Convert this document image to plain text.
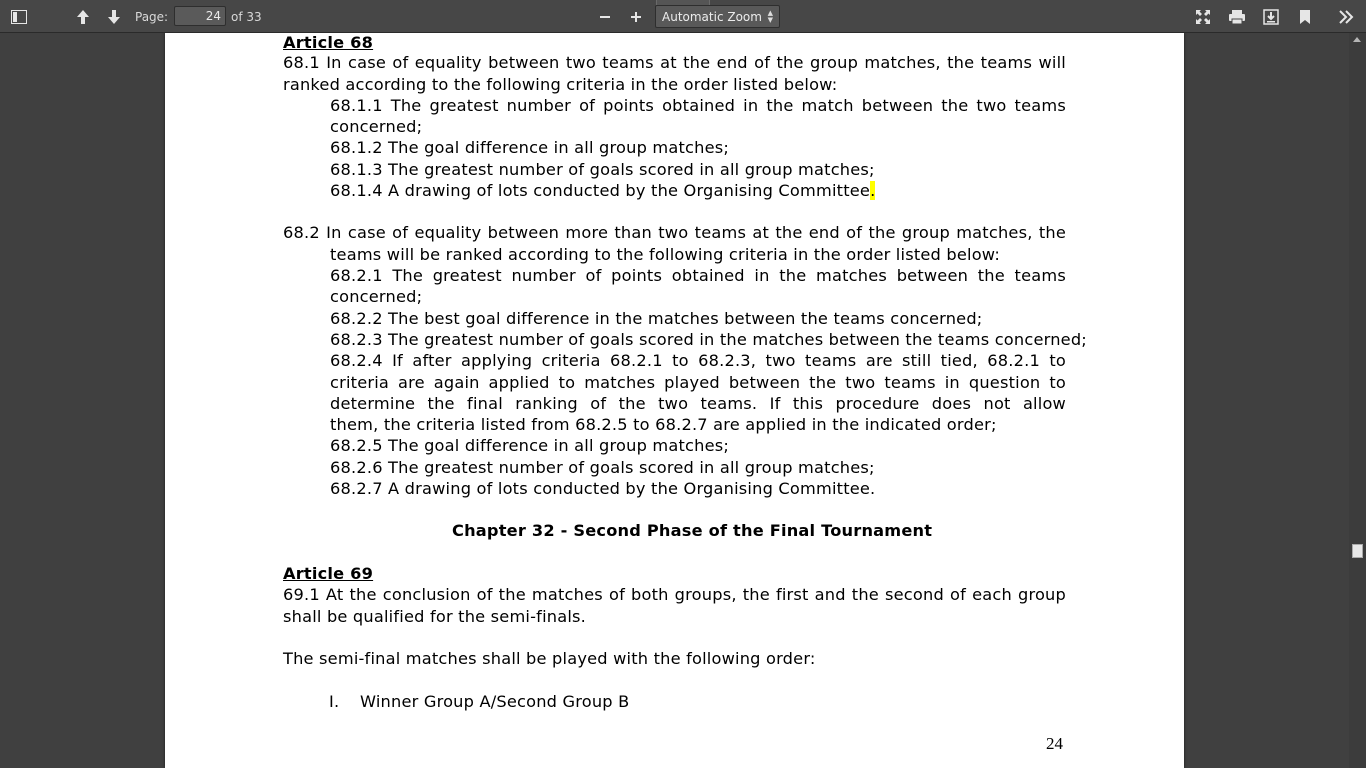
Page:
24	of 33	Automatic Zoom ▲
▼
Article 68
68.1 In case of equality between two teams at the end of the group matches, the teams will
ranked according to the following criteria in the order listed below:
68.1.1 The greatest number of points obtained in the match between the two teams
concerned;
68.1.2 The goal difference in all group matches;
68.1.3 The greatest number of goals scored in all group matches;
68.1.4 A drawing of lots conducted by the Organising Committee.
68.2 In case of equality between more than two teams at the end of the group matches, the
teams will be ranked according to the following criteria in the order listed below:
68.2.1 The greatest number of points obtained in the matches between the teams
concerned;
68.2.2 The best goal difference in the matches between the teams concerned;
68.2.3 The greatest number of goals scored in the matches between the teams concerned;
68.2.4 If after applying criteria 68.2.1 to 68.2.3, two teams are still tied, 68.2.1 to
criteria are again applied to matches played between the two teams in question to
determine the final ranking of the two teams. If this procedure does not allow
them, the criteria listed from 68.2.5 to 68.2.7 are applied in the indicated order;
68.2.5 The goal difference in all group matches;
68.2.6 The greatest number of goals scored in all group matches;
68.2.7 A drawing of lots conducted by the Organising Committee.
Chapter 32 - Second Phase of the Final Tournament
Article 69
69.1 At the conclusion of the matches of both groups, the first and the second of each group
shall be qualified for the semi-finals.
The semi-final matches shall be played with the following order:
I. Winner Group A/Second Group B
24
